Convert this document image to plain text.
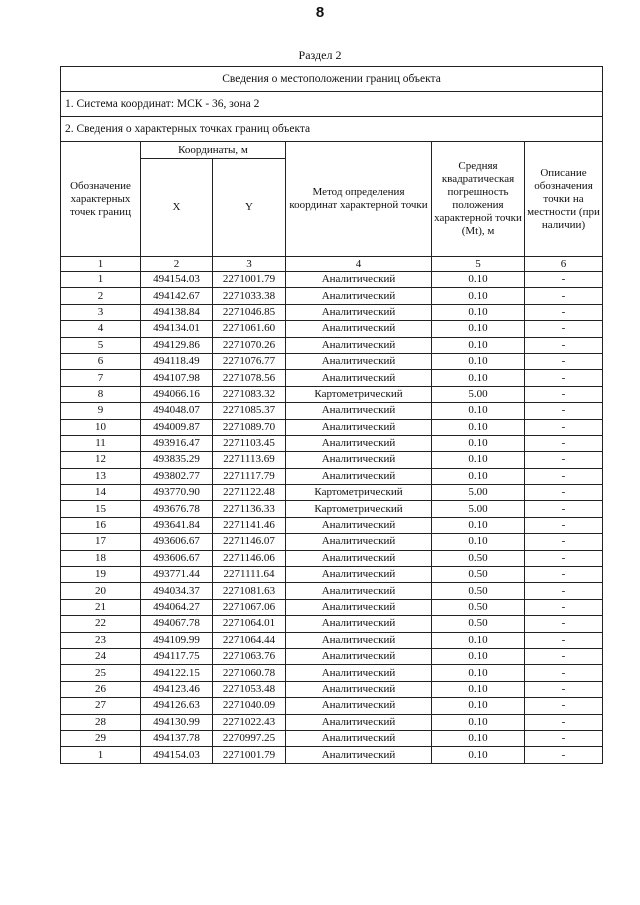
8
Раздел 2
Сведения о местоположении границ объекта					
1. Система координат: МСК - 36, зона 2					
2. Сведения о характерных точках границ объекта					
Обозначение характерных точек границ	Координаты, м		Метод определения координат характерной точки	Средняя квадратическая погрешность положения характерной точки (Mt), м	Описание обозначения точки на местности (при наличии)
	X	Y			
1	2	3	4	5	6
1	494154.03	2271001.79	Аналитический	0.10	-
2	494142.67	2271033.38	Аналитический	0.10	-
3	494138.84	2271046.85	Аналитический	0.10	-
4	494134.01	2271061.60	Аналитический	0.10	-
5	494129.86	2271070.26	Аналитический	0.10	-
6	494118.49	2271076.77	Аналитический	0.10	-
7	494107.98	2271078.56	Аналитический	0.10	-
8	494066.16	2271083.32	Картометрический	5.00	-
9	494048.07	2271085.37	Аналитический	0.10	-
10	494009.87	2271089.70	Аналитический	0.10	-
11	493916.47	2271103.45	Аналитический	0.10	-
12	493835.29	2271113.69	Аналитический	0.10	-
13	493802.77	2271117.79	Аналитический	0.10	-
14	493770.90	2271122.48	Картометрический	5.00	-
15	493676.78	2271136.33	Картометрический	5.00	-
16	493641.84	2271141.46	Аналитический	0.10	-
17	493606.67	2271146.07	Аналитический	0.10	-
18	493606.67	2271146.06	Аналитический	0.50	-
19	493771.44	2271111.64	Аналитический	0.50	-
20	494034.37	2271081.63	Аналитический	0.50	-
21	494064.27	2271067.06	Аналитический	0.50	-
22	494067.78	2271064.01	Аналитический	0.50	-
23	494109.99	2271064.44	Аналитический	0.10	-
24	494117.75	2271063.76	Аналитический	0.10	-
25	494122.15	2271060.78	Аналитический	0.10	-
26	494123.46	2271053.48	Аналитический	0.10	-
27	494126.63	2271040.09	Аналитический	0.10	-
28	494130.99	2271022.43	Аналитический	0.10	-
29	494137.78	2270997.25	Аналитический	0.10	-
1	494154.03	2271001.79	Аналитический	0.10	-
